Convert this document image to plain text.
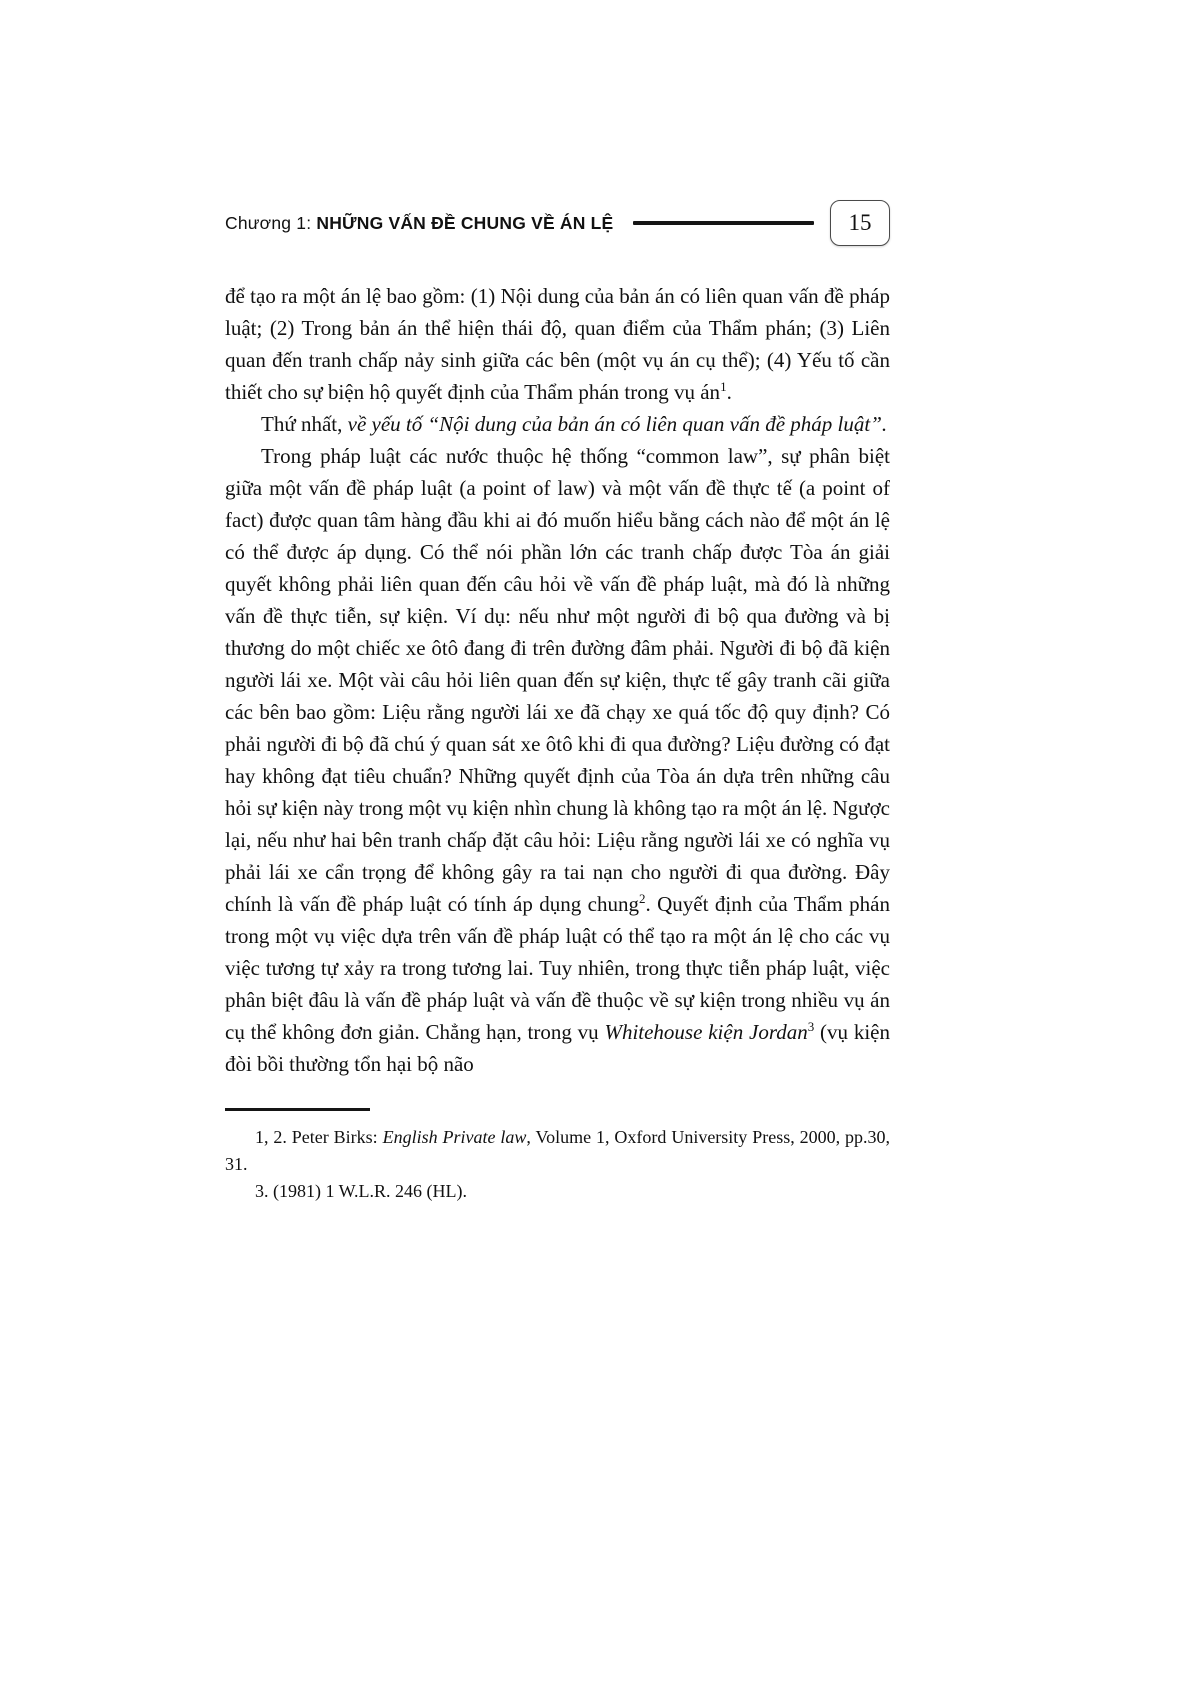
Chương 1: NHỮNG VẤN ĐỀ CHUNG VỀ ÁN LỆ	15

để tạo ra một án lệ bao gồm: (1) Nội dung của bản án có liên quan vấn đề pháp luật; (2) Trong bản án thể hiện thái độ, quan điểm của Thẩm phán; (3) Liên quan đến tranh chấp nảy sinh giữa các bên (một vụ án cụ thể); (4) Yếu tố cần thiết cho sự biện hộ quyết định của Thẩm phán trong vụ $án^1$.

Thứ nhất, về yếu tố “Nội dung của bản án có liên quan vấn đề pháp luật”.

Trong pháp luật các nước thuộc hệ thống “common law”, sự phân biệt giữa một vấn đề pháp luật (a point of law) và một vấn đề thực tế (a point of fact) được quan tâm hàng đầu khi ai đó muốn hiểu bằng cách nào để một án lệ có thể được áp dụng. Có thể nói phần lớn các tranh chấp được Tòa án giải quyết không phải liên quan đến câu hỏi về vấn đề pháp luật, mà đó là những vấn đề thực tiễn, sự kiện. Ví dụ: nếu như một người đi bộ qua đường và bị thương do một chiếc xe ôtô đang đi trên đường đâm phải. Người đi bộ đã kiện người lái xe. Một vài câu hỏi liên quan đến sự kiện, thực tế gây tranh cãi giữa các bên bao gồm: Liệu rằng người lái xe đã chạy xe quá tốc độ quy định? Có phải người đi bộ đã chú ý quan sát xe ôtô khi đi qua đường? Liệu đường có đạt hay không đạt tiêu chuẩn? Những quyết định của Tòa án dựa trên những câu hỏi sự kiện này trong một vụ kiện nhìn chung là không tạo ra một án lệ. Ngược lại, nếu như hai bên tranh chấp đặt câu hỏi: Liệu rằng người lái xe có nghĩa vụ phải lái xe cẩn trọng để không gây ra tai nạn cho người đi qua đường. Đây chính là vấn đề pháp luật có tính áp dụng chung$^2$. Quyết định của Thẩm phán trong một vụ việc dựa trên vấn đề pháp luật có thể tạo ra một án lệ cho các vụ việc tương tự xảy ra trong tương lai. Tuy nhiên, trong thực tiễn pháp luật, việc phân biệt đâu là vấn đề pháp luật và vấn đề thuộc về sự kiện trong nhiều vụ án cụ thể không đơn giản. Chẳng hạn, trong vụ Whitehouse kiện Jordan$^3$ (vụ kiện đòi bồi thường tổn hại bộ não

1, 2. Peter Birks: English Private law, Volume 1, Oxford University Press, 2000, pp.30, 31.

3. (1981) 1 W.L.R. 246 (HL).
